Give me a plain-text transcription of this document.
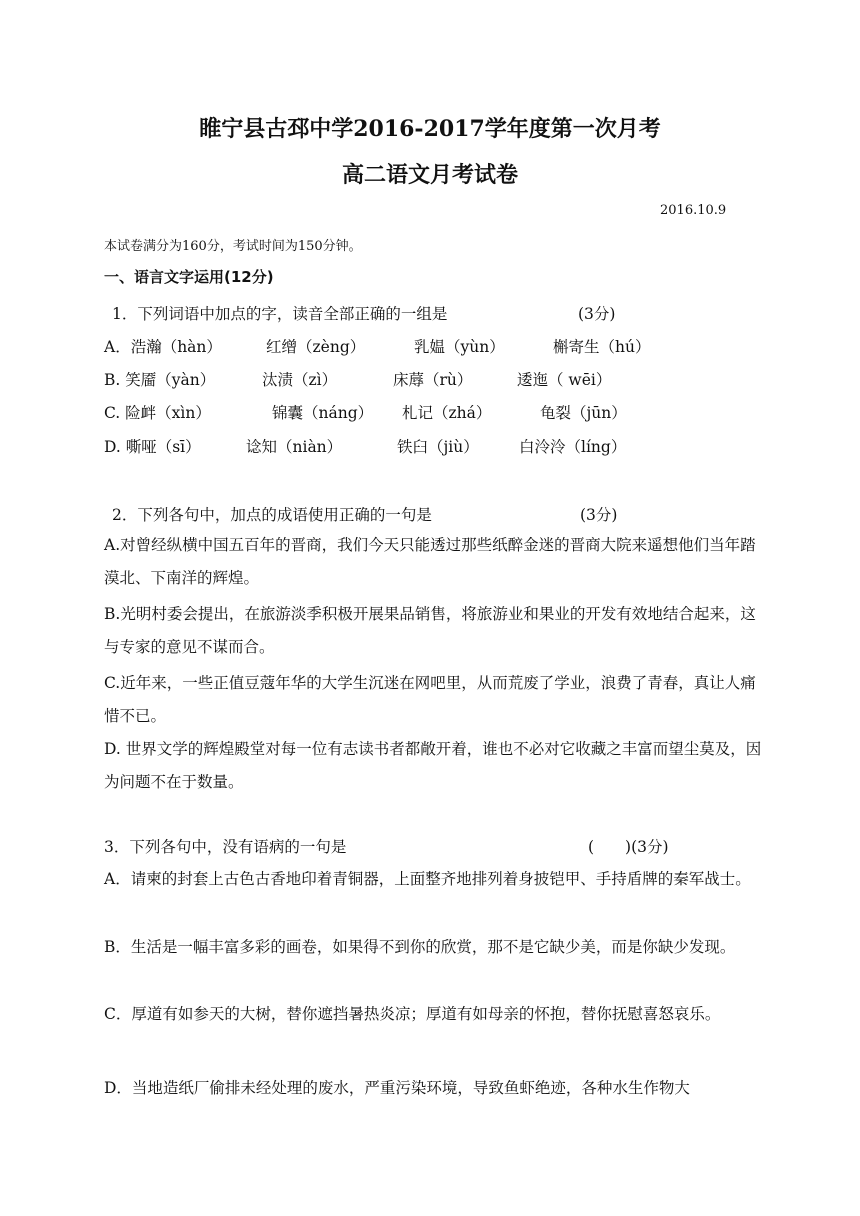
睢宁县古邳中学2016-2017学年度第一次月考
高二语文月考试卷
2016.10.9
本试卷满分为160分，考试时间为150分钟。
一、语言文字运用(12分)
1．下列词语中加点的字，读音全部正确的一组是	(3分)
A．浩瀚（hàn）	红缯（zèng）	乳媪（yùn）	槲寄生（hú）
B. 笑靥（yàn）	汰渍（zì）	床蓐（rù）	逶迤（ wēi）
C. 险衅（xìn）	锦囊（náng） 札记（zhá）	龟裂（jūn）
D. 嘶哑（sī）	谂知（niàn）	铁臼（jiù）	白泠泠（líng）
2．下列各句中，加点的成语使用正确的一句是	(3分)
A.对曾经纵横中国五百年的晋商，我们今天只能透过那些纸醉金迷的晋商大院来遥想他们当年踏漠北、下南洋的辉煌。
B.光明村委会提出，在旅游淡季积极开展果品销售，将旅游业和果业的开发有效地结合起来，这与专家的意见不谋而合。
C.近年来，一些正值豆蔻年华的大学生沉迷在网吧里，从而荒废了学业，浪费了青春，真让人痛惜不已。
D. 世界文学的辉煌殿堂对每一位有志读书者都敞开着，谁也不必对它收藏之丰富而望尘莫及，因为问题不在于数量。
3．下列各句中，没有语病的一句是	(　　)(3分)
A．请柬的封套上古色古香地印着青铜器，上面整齐地排列着身披铠甲、手持盾牌的秦军战士。
B．生活是一幅丰富多彩的画卷，如果得不到你的欣赏，那不是它缺少美，而是你缺少发现。
C．厚道有如参天的大树，替你遮挡暑热炎凉；厚道有如母亲的怀抱，替你抚慰喜怒哀乐。
D．当地造纸厂偷排未经处理的废水，严重污染环境，导致鱼虾绝迹，各种水生作物大
